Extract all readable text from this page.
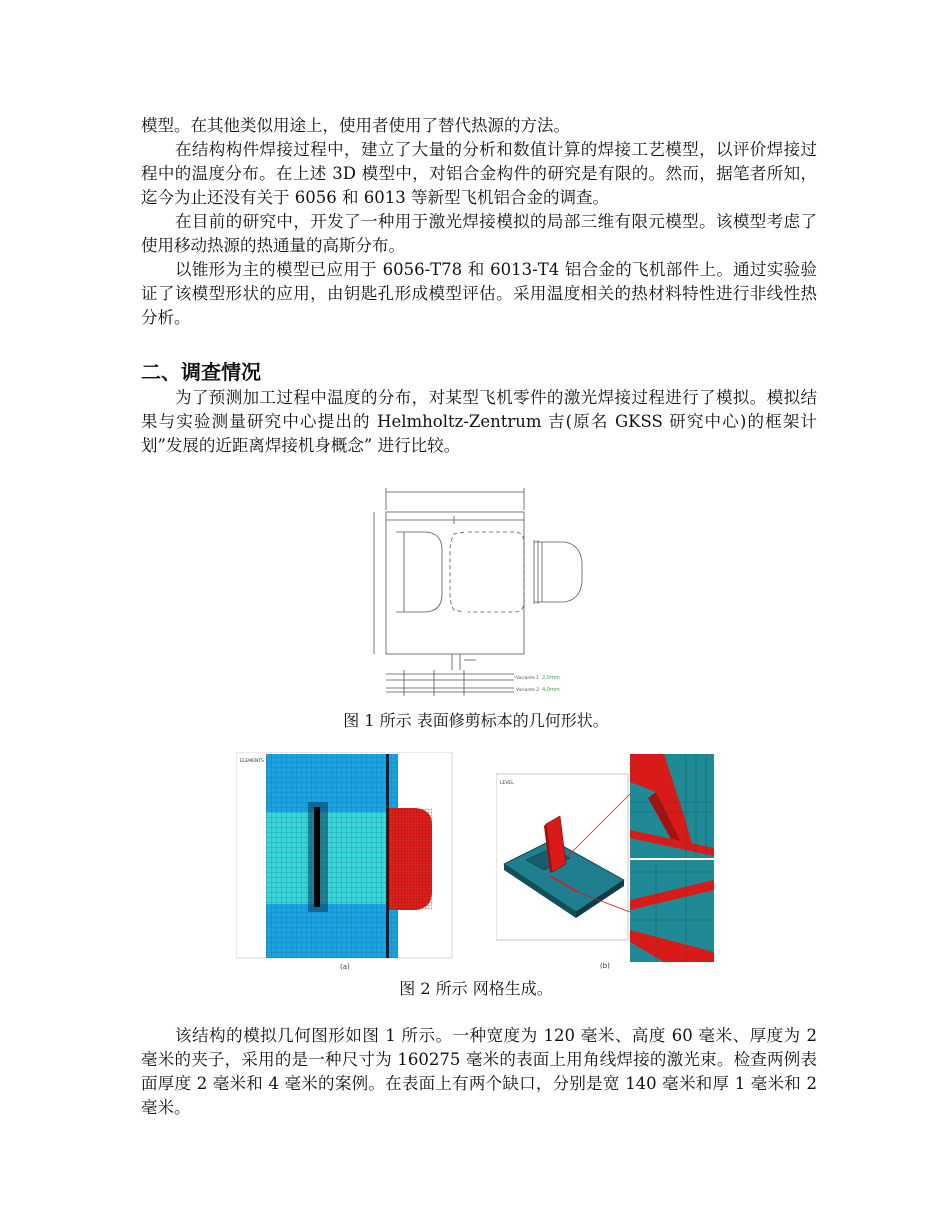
模型。在其他类似用途上，使用者使用了替代热源的方法。

在结构构件焊接过程中，建立了大量的分析和数值计算的焊接工艺模型，以评价焊接过程中的温度分布。在上述 3D 模型中，对铝合金构件的研究是有限的。然而，据笔者所知，迄今为止还没有关于 6056 和 6013 等新型飞机铝合金的调查。

在目前的研究中，开发了一种用于激光焊接模拟的局部三维有限元模型。该模型考虑了使用移动热源的热通量的高斯分布。

以锥形为主的模型已应用于 6056-T78 和 6013-T4 铝合金的飞机部件上。通过实验验证了该模型形状的应用，由钥匙孔形成模型评估。采用温度相关的热材料特性进行非线性热分析。

二、调查情况

为了预测加工过程中温度的分布，对某型飞机零件的激光焊接过程进行了模拟。模拟结果与实验测量研究中心提出的 Helmholtz-Zentrum 吉(原名 GKSS 研究中心)的框架计划”发展的近距离焊接机身概念” 进行比较。

Variante 1
Variante 2
2,0mm
4,0mm
图 1 所示 表面修剪标本的几何形状。
ELEMENTS
(a)
LEVEL
(b)
图 2 所示 网格生成。

该结构的模拟几何图形如图 1 所示。一种宽度为 120 毫米、高度 60 毫米、厚度为 2 毫米的夹子，采用的是一种尺寸为 160275 毫米的表面上用角线焊接的激光束。检查两例表面厚度 2 毫米和 4 毫米的案例。在表面上有两个缺口，分别是宽 140 毫米和厚 1 毫米和 2 毫米。
